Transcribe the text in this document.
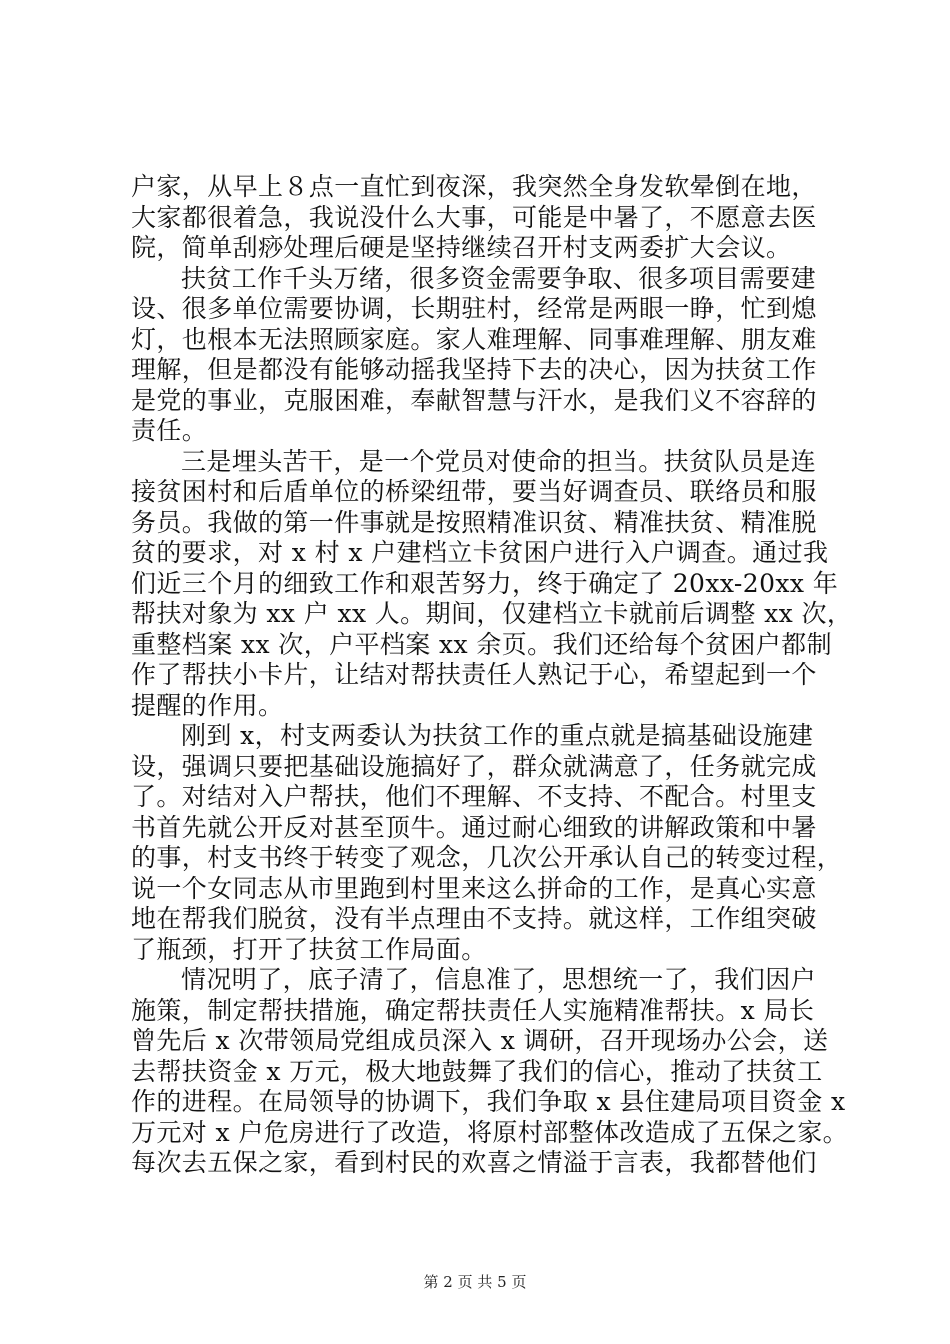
户家，从早上８点一直忙到夜深，我突然全身发软晕倒在地，
大家都很着急，我说没什么大事，可能是中暑了，不愿意去医
院，简单刮痧处理后硬是坚持继续召开村支两委扩大会议。
扶贫工作千头万绪，很多资金需要争取、很多项目需要建
设、很多单位需要协调，长期驻村，经常是两眼一睁，忙到熄
灯，也根本无法照顾家庭。家人难理解、同事难理解、朋友难
理解，但是都没有能够动摇我坚持下去的决心，因为扶贫工作
是党的事业，克服困难，奉献智慧与汗水，是我们义不容辞的
责任。
三是埋头苦干，是一个党员对使命的担当。扶贫队员是连
接贫困村和后盾单位的桥梁纽带，要当好调查员、联络员和服
务员。我做的第一件事就是按照精准识贫、精准扶贫、精准脱
贫的要求，对 x 村 x 户建档立卡贫困户进行入户调查。通过我
们近三个月的细致工作和艰苦努力，终于确定了 20xx-20xx 年
帮扶对象为 xx 户 xx 人。期间，仅建档立卡就前后调整 xx 次，
重整档案 xx 次，户平档案 xx 余页。我们还给每个贫困户都制
作了帮扶小卡片，让结对帮扶责任人熟记于心，希望起到一个
提醒的作用。
刚到 x，村支两委认为扶贫工作的重点就是搞基础设施建
设，强调只要把基础设施搞好了，群众就满意了，任务就完成
了。对结对入户帮扶，他们不理解、不支持、不配合。村里支
书首先就公开反对甚至顶牛。通过耐心细致的讲解政策和中暑
的事，村支书终于转变了观念，几次公开承认自己的转变过程，
说一个女同志从市里跑到村里来这么拼命的工作，是真心实意
地在帮我们脱贫，没有半点理由不支持。就这样，工作组突破
了瓶颈，打开了扶贫工作局面。
情况明了，底子清了，信息准了，思想统一了，我们因户
施策，制定帮扶措施，确定帮扶责任人实施精准帮扶。x 局长
曾先后 x 次带领局党组成员深入 x 调研，召开现场办公会，送
去帮扶资金 x 万元，极大地鼓舞了我们的信心，推动了扶贫工
作的进程。在局领导的协调下，我们争取 x 县住建局项目资金 x
万元对 x 户危房进行了改造，将原村部整体改造成了五保之家。
每次去五保之家，看到村民的欢喜之情溢于言表，我都替他们
第 2 页 共 5 页
